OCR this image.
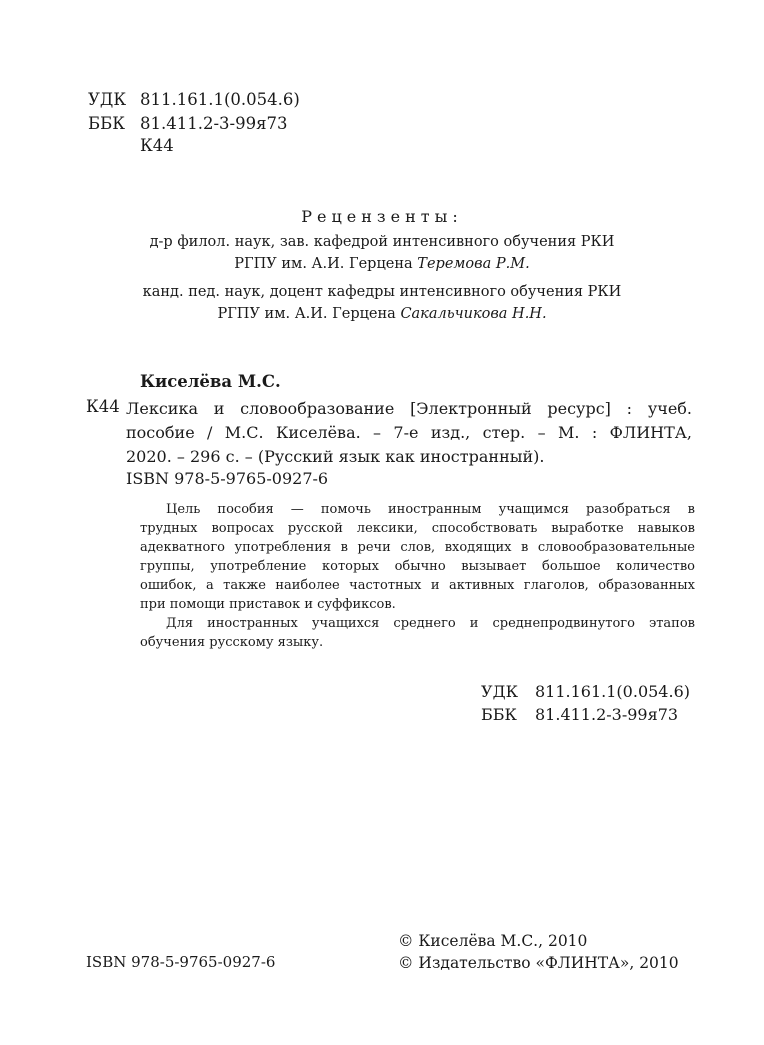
УДК 811.161.1(0.054.6)
ББК 81.411.2-3-99я73
К44
Рецензенты:
д-р филол. наук, зав. кафедрой интенсивного обучения РКИ
РГПУ им. А.И. Герцена Теремова Р.М.
канд. пед. наук, доцент кафедры интенсивного обучения РКИ
РГПУ им. А.И. Герцена Сакальчикова Н.Н.
Киселёва М.С.
К44 Лексика и словообразование [Электронный ресурс] : учеб.
пособие / М.С. Киселёва. – 7-е изд., стер. – М. : ФЛИНТА,
2020. – 296 с. – (Русский язык как иностранный).
ISBN 978-5-9765-0927-6

Цель пособия — помочь иностранным учащимся разобраться в

трудных вопросах русской лексики, способствовать выработке навыков

адекватного употребления в речи слов, входящих в словообразовательные

группы, употребление которых обычно вызывает большое количество

ошибок, а также наиболее частотных и активных глаголов, образованных

при помощи приставок и суффиксов.

Для иностранных учащихся среднего и среднепродвинутого этапов

обучения русскому языку.

УДК 811.161.1(0.054.6)
ББК 81.411.2-3-99я73
© Киселёва М.С., 2010
ISBN 978-5-9765-0927-6	© Издательство «ФЛИНТА», 2010
